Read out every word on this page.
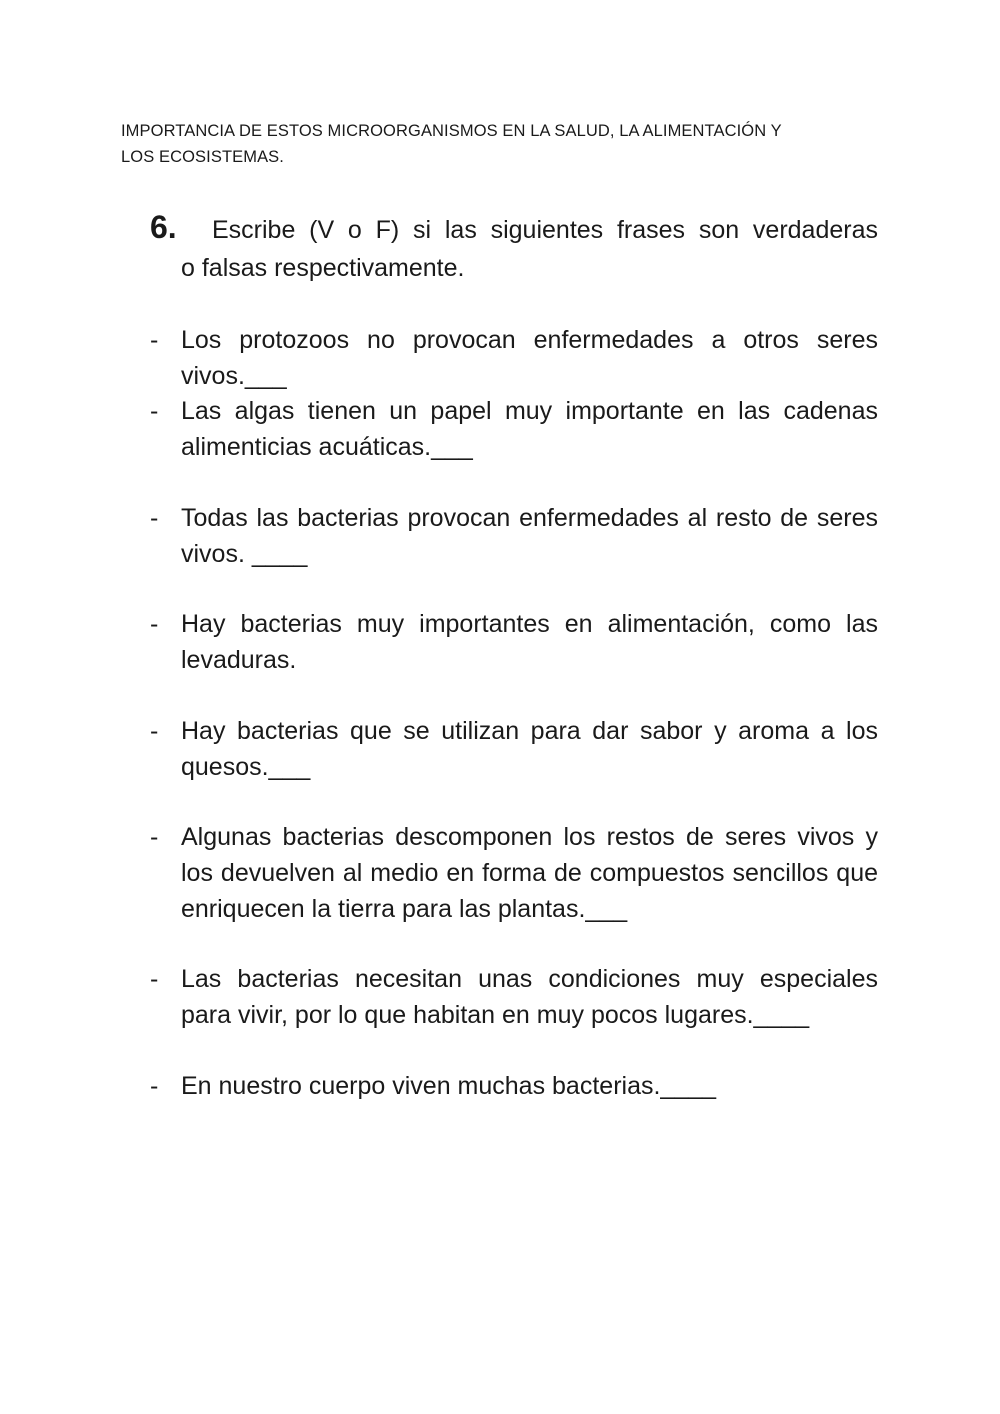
IMPORTANCIA DE ESTOS MICROORGANISMOS EN LA SALUD, LA ALIMENTACIÓN Y
LOS ECOSISTEMAS.
6.	Escribe (V o F) si las siguientes frases son verdaderas
o falsas respectivamente.
- Los protozoos no provocan enfermedades a otros seres vivos.___
- Las algas tienen un papel muy importante en las cadenas alimenticias acuáticas.___
- Todas las bacterias provocan enfermedades al resto de seres vivos. ____
- Hay bacterias muy importantes en alimentación, como las levaduras.
- Hay bacterias que se utilizan para dar sabor y aroma a los quesos.___
- Algunas bacterias descomponen los restos de seres vivos y los devuelven al medio en forma de compuestos sencillos que enriquecen la tierra para las plantas.___
- Las bacterias necesitan unas condiciones muy especiales para vivir, por lo que habitan en muy pocos lugares.____
- En nuestro cuerpo viven muchas bacterias.____
